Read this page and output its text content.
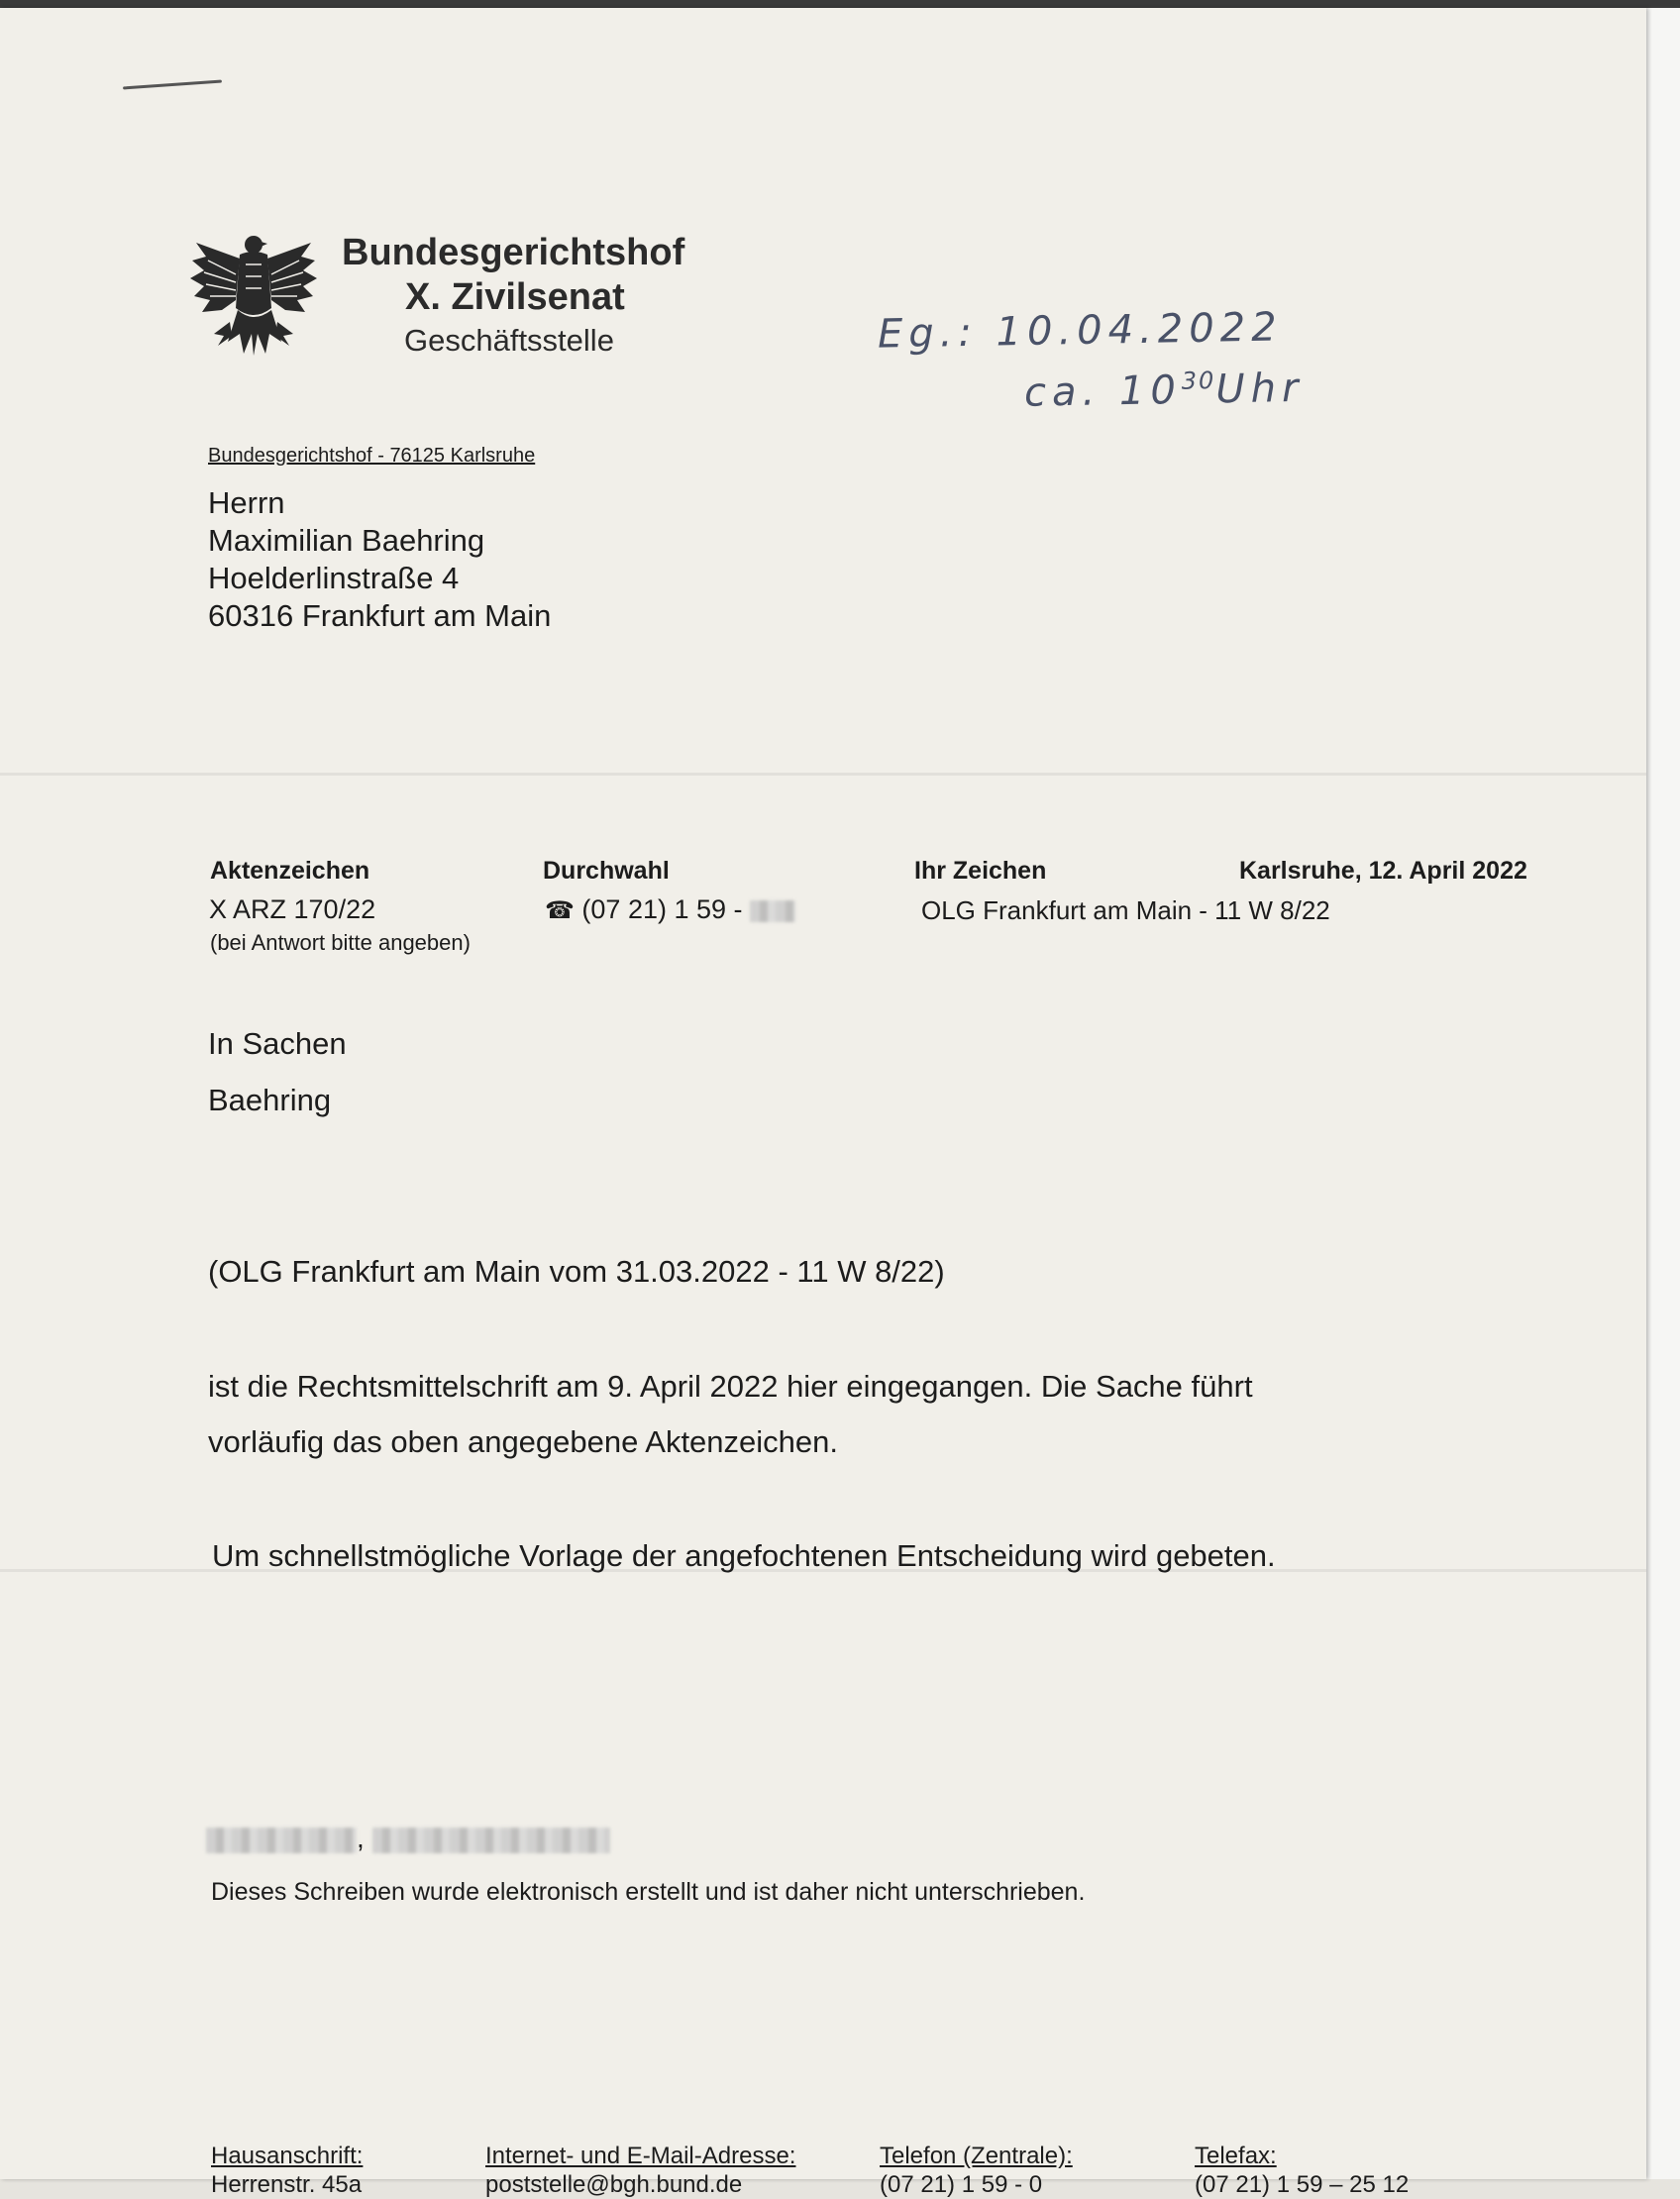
Bundesgerichtshof
X. Zivilsenat
Geschäftsstelle	Eg.: 10.04.2022
ca. $10^{30}Uhr$
Bundesgerichtshof - 76125 Karlsruhe
Herrn
Maximilian Baehring
Hoelderlinstraße 4
60316 Frankfurt am Main
Aktenzeichen
X ARZ 170/22
(bei Antwort bitte angeben)
Durchwahl
☎ (07 21) 1 59 -
Ihr Zeichen
OLG Frankfurt am Main - 11 W 8/22
Karlsruhe, 12. April 2022
In Sachen
Baehring
(OLG Frankfurt am Main vom 31.03.2022 - 11 W 8/22)
ist die Rechtsmittelschrift am 9. April 2022 hier eingegangen. Die Sache führt
vorläufig das oben angegebene Aktenzeichen.
Um schnellstmögliche Vorlage der angefochtenen Entscheidung wird gebeten.
,
Dieses Schreiben wurde elektronisch erstellt und ist daher nicht unterschrieben.
Hausanschrift:
Herrenstr. 45a
Internet- und E-Mail-Adresse:
poststelle@bgh.bund.de
Telefon (Zentrale):
(07 21) 1 59 - 0
Telefax:
(07 21) 1 59 – 25 12
